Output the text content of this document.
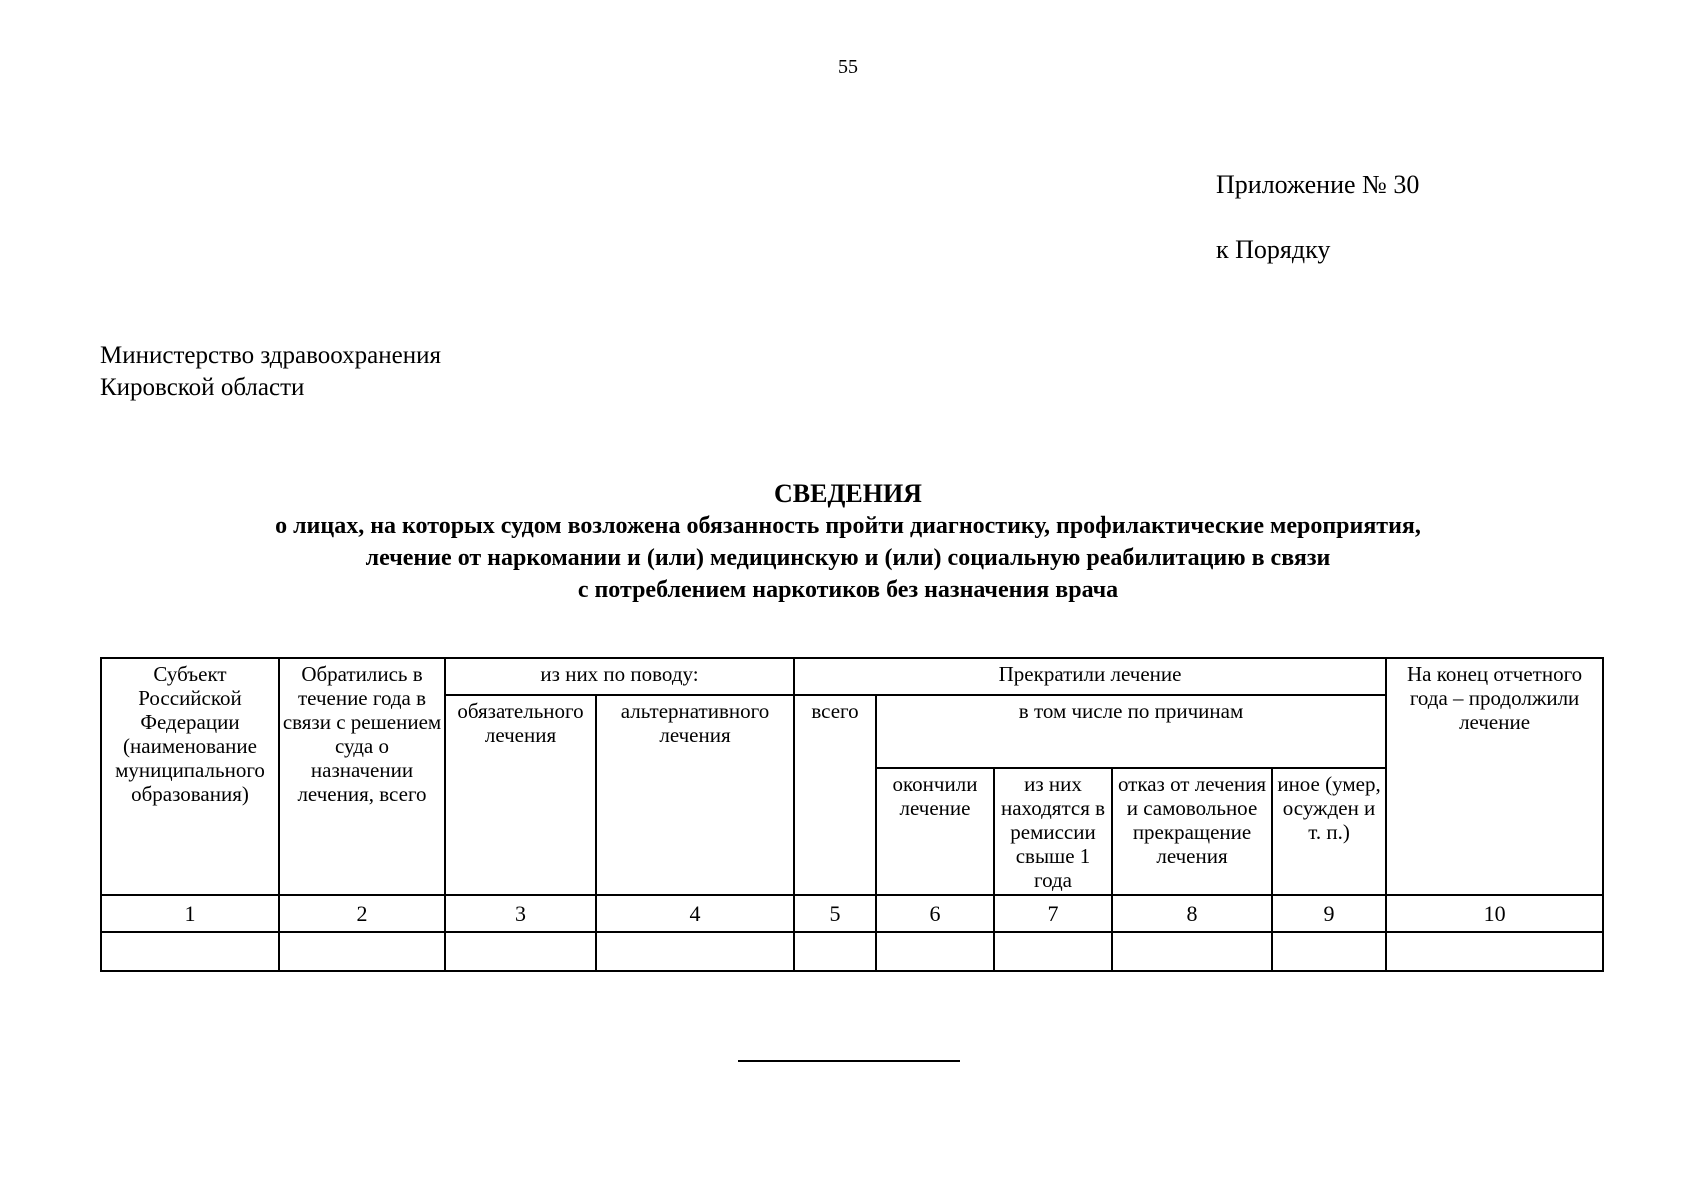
55
Приложение № 30
к Порядку
Министерство здравоохранения
Кировской области
СВЕДЕНИЯ
о лицах, на которых судом возложена обязанность пройти диагностику, профилактические мероприятия,
лечение от наркомании и (или) медицинскую и (или) социальную реабилитацию в связи
с потреблением наркотиков без назначения врача
Субъект Российской Федерации (наименование муниципального образования)	Обратились в течение года в связи с решением суда о назначении лечения, всего	из них по поводу:		Прекратили лечение					На конец отчетного года – продолжили лечение
		обязательного лечения	альтернативного лечения	всего	в том числе по причинам				
					окончили лечение	из них находятся в ремиссии свыше 1 года	отказ от лечения и самовольное прекращение лечения	иное (умер, осужден и т. п.)	
1	2	3	4	5	6	7	8	9	10
